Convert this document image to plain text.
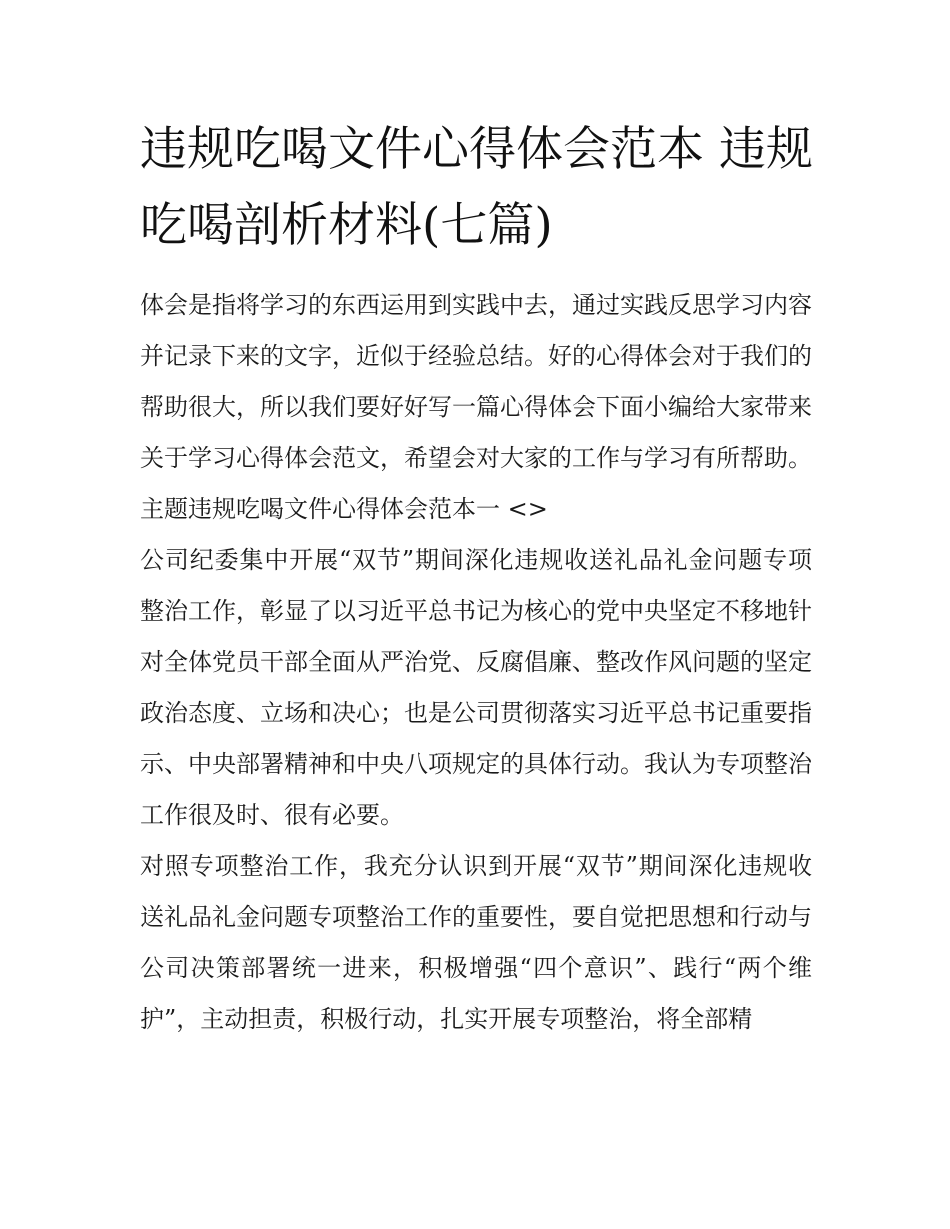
违规吃喝文件心得体会范本 违规吃喝剖析材料(七篇)

体会是指将学习的东西运用到实践中去，通过实践反思学习内容并记录下来的文字，近似于经验总结。好的心得体会对于我们的帮助很大，所以我们要好好写一篇心得体会下面小编给大家带来关于学习心得体会范文，希望会对大家的工作与学习有所帮助。

主题违规吃喝文件心得体会范本一 <>

公司纪委集中开展“双节”期间深化违规收送礼品礼金问题专项整治工作，彰显了以习近平总书记为核心的党中央坚定不移地针对全体党员干部全面从严治党、反腐倡廉、整改作风问题的坚定政治态度、立场和决心；也是公司贯彻落实习近平总书记重要指示、中央部署精神和中央八项规定的具体行动。我认为专项整治工作很及时、很有必要。

对照专项整治工作，我充分认识到开展“双节”期间深化违规收送礼品礼金问题专项整治工作的重要性，要自觉把思想和行动与公司决策部署统一进来，积极增强“四个意识”、践行“两个维护”，主动担责，积极行动，扎实开展专项整治，将全部精
